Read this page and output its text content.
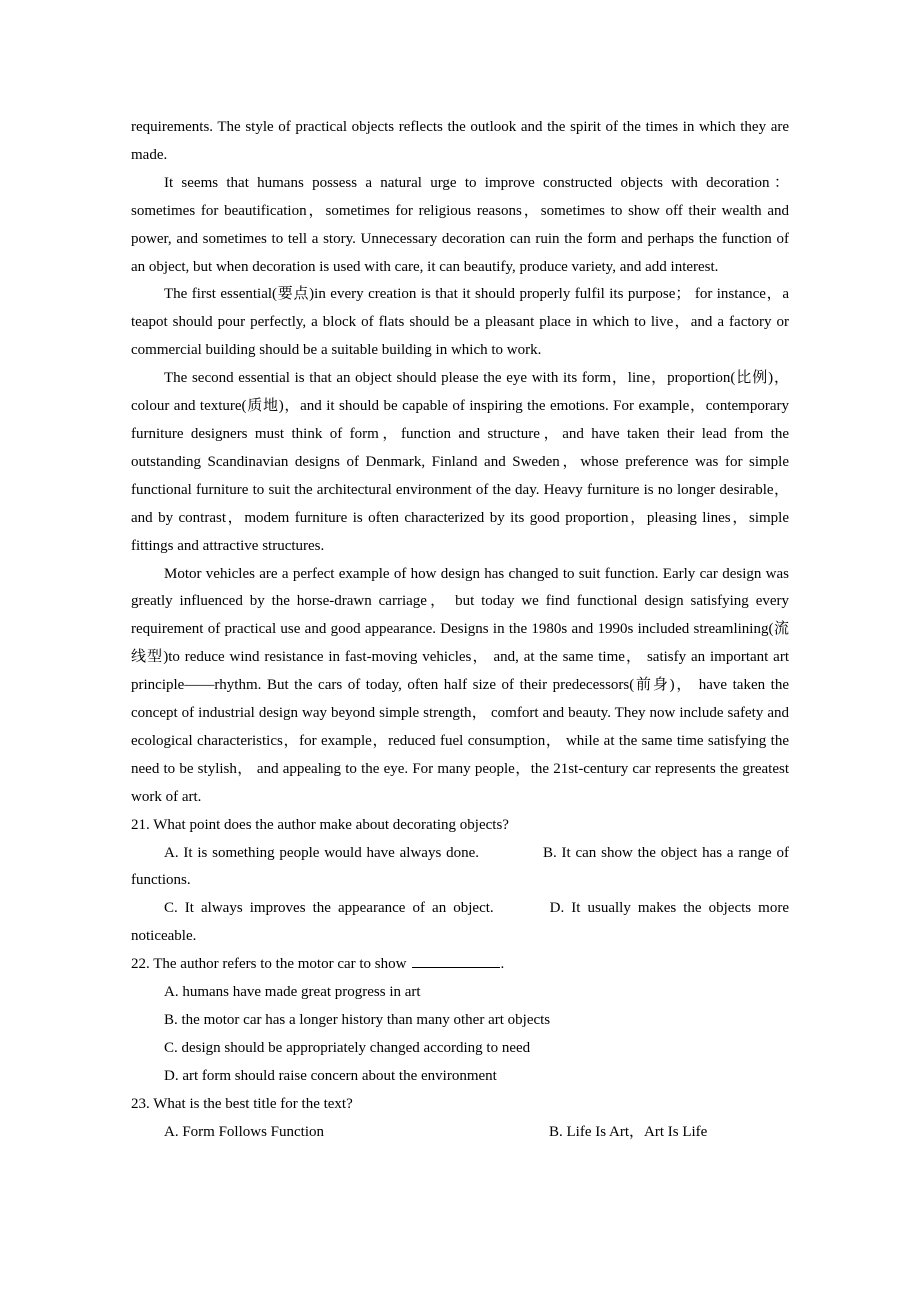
requirements. The style of practical objects reflects the outlook and the spirit of the times in which they are made.

It seems that humans possess a natural urge to improve constructed objects with decoration：sometimes for beautification，sometimes for religious reasons，sometimes to show off their wealth and power, and sometimes to tell a story. Unnecessary decoration can ruin the form and perhaps the function of an object, but when decoration is used with care, it can beautify, produce variety, and add interest.

The first essential(要点)in every creation is that it should properly fulfil its purpose； for instance，a teapot should pour perfectly, a block of flats should be a pleasant place in which to live，and a factory or commercial building should be a suitable building in which to work.

The second essential is that an object should please the eye with its form，line，proportion(比例)，colour and texture(质地)，and it should be capable of inspiring the emotions. For example，contemporary furniture designers must think of form，function and structure，and have taken their lead from the outstanding Scandinavian designs of Denmark, Finland and Sweden，whose preference was for simple functional furniture to suit the architectural environment of the day. Heavy furniture is no longer desirable，and by contrast，modem furniture is often characterized by its good proportion，pleasing lines，simple fittings and attractive structures.

Motor vehicles are a perfect example of how design has changed to suit function. Early car design was greatly influenced by the horse-drawn carriage， but today we find functional design satisfying every requirement of practical use and good appearance. Designs in the 1980s and 1990s included streamlining(流线型)to reduce wind resistance in fast-moving vehicles， and, at the same time， satisfy an important art principle——rhythm. But the cars of today, often half size of their predecessors(前身)， have taken the concept of industrial design way beyond simple strength， comfort and beauty. They now include safety and ecological characteristics，for example，reduced fuel consumption， while at the same time satisfying the need to be stylish， and appealing to the eye. For many people，the 21st-century car represents the greatest work of art.

21. What point does the author make about decorating objects?

A. It is something people would have always done.	B. It can show the object has a range of functions.

C. It always improves the appearance of an object.	D. It usually makes the objects more noticeable.

22. The author refers to the motor car to show	.

A. humans have made great progress in art

B. the motor car has a longer history than many other art objects

C. design should be appropriately changed according to need

D. art form should raise concern about the environment

23. What is the best title for the text?

A. Form Follows Function	B. Life Is Art，Art Is Life
